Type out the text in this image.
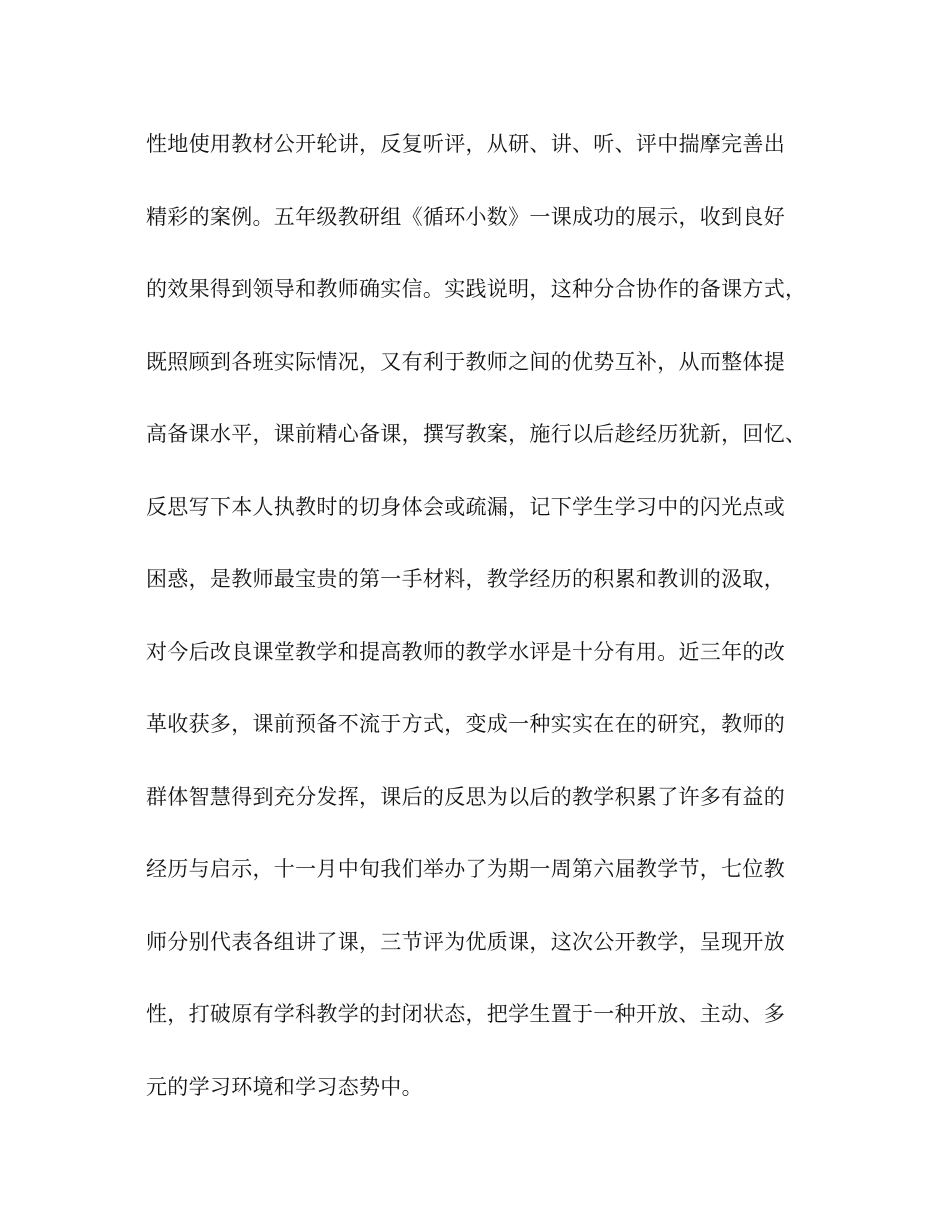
性地使用教材公开轮讲，反复听评，从研、讲、听、评中揣摩完善出
精彩的案例。五年级教研组《循环小数》一课成功的展示，收到良好
的效果得到领导和教师确实信。实践说明，这种分合协作的备课方式，
既照顾到各班实际情况，又有利于教师之间的优势互补，从而整体提
高备课水平，课前精心备课，撰写教案，施行以后趁经历犹新，回忆、
反思写下本人执教时的切身体会或疏漏，记下学生学习中的闪光点或
困惑，是教师最宝贵的第一手材料，教学经历的积累和教训的汲取，
对今后改良课堂教学和提高教师的教学水评是十分有用。近三年的改
革收获多，课前预备不流于方式，变成一种实实在在的研究，教师的
群体智慧得到充分发挥，课后的反思为以后的教学积累了许多有益的
经历与启示，十一月中旬我们举办了为期一周第六届教学节，七位教
师分别代表各组讲了课，三节评为优质课，这次公开教学，呈现开放
性，打破原有学科教学的封闭状态，把学生置于一种开放、主动、多
元的学习环境和学习态势中。
